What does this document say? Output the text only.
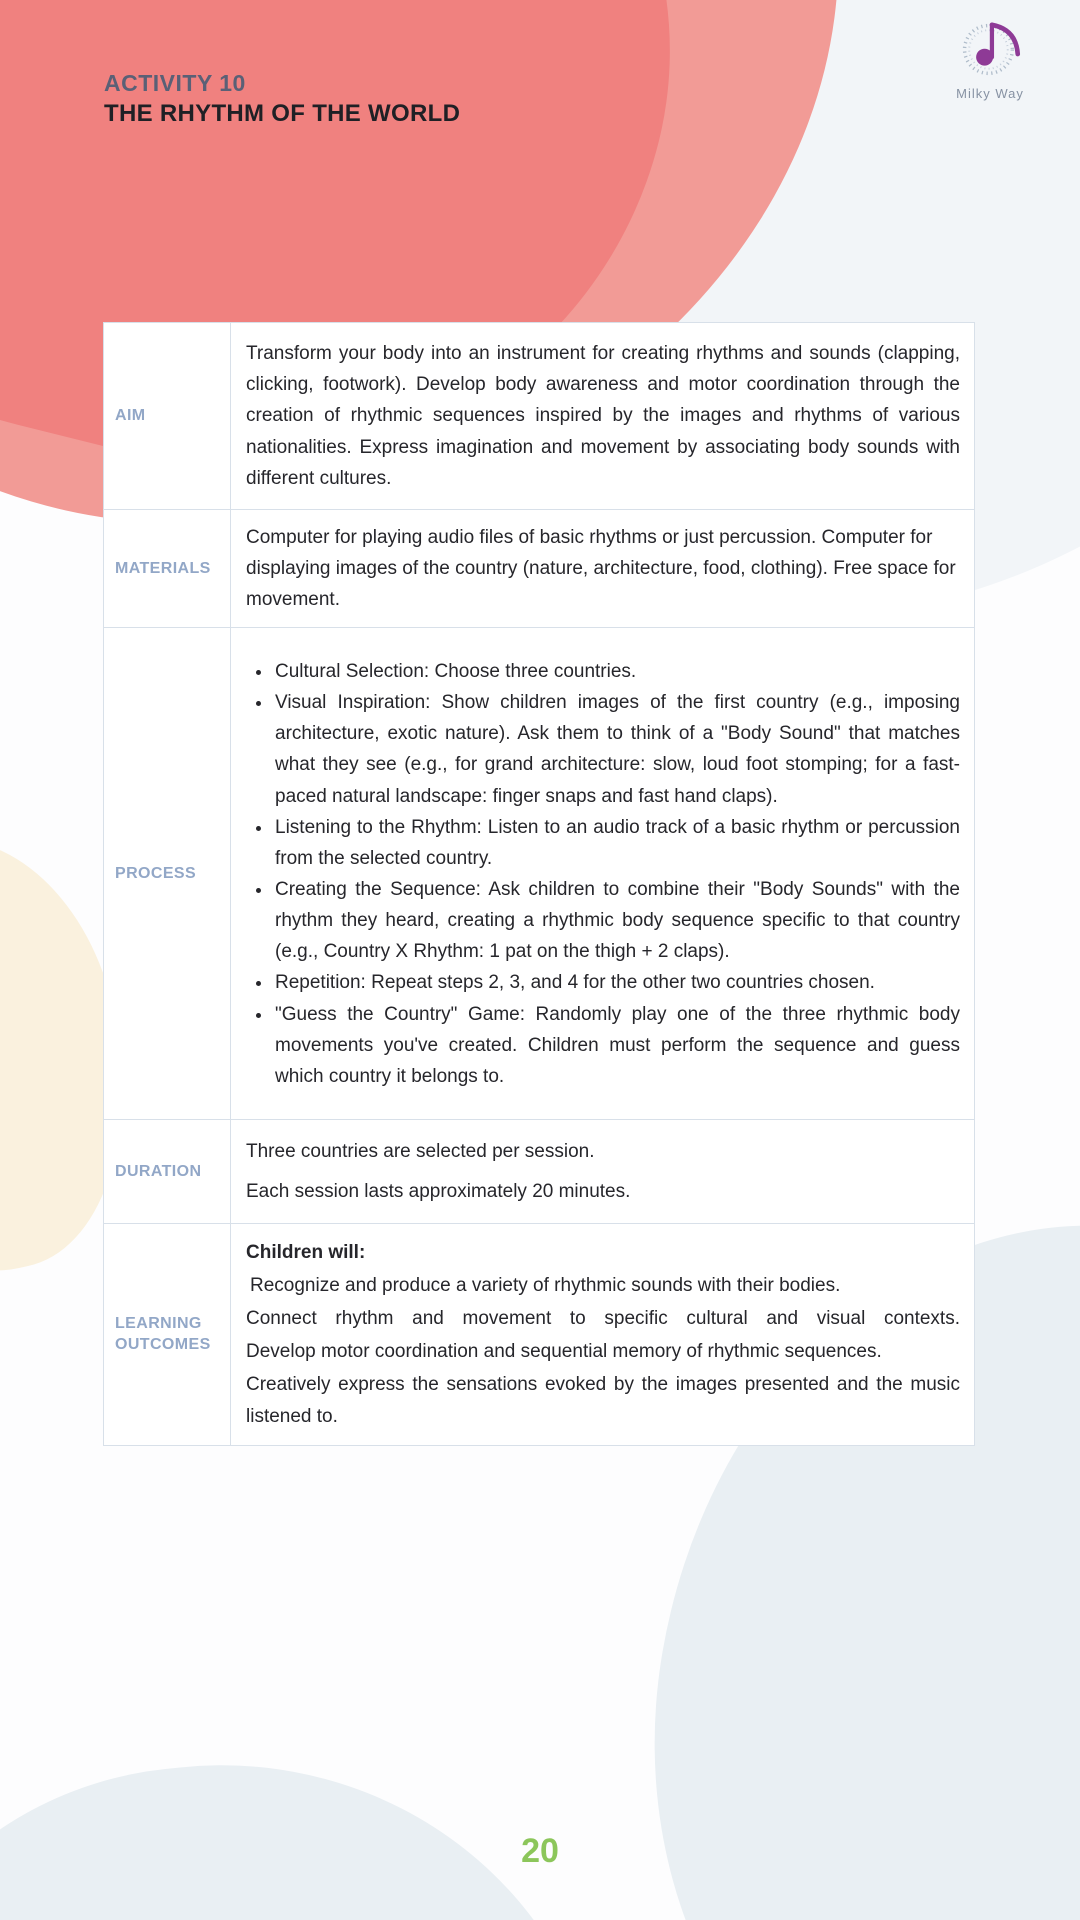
ACTIVITY 10
THE RHYTHM OF THE WORLD
Milky Way
AIM
Transform your body into an instrument for creating rhythms and sounds (clapping, clicking, footwork). Develop body awareness and motor coordination through the creation of rhythmic sequences inspired by the images and rhythms of various nationalities. Express imagination and movement by associating body sounds with different cultures.
MATERIALS
Computer for playing audio files of basic rhythms or just percussion. Computer for displaying images of the country (nature, architecture, food, clothing). Free space for movement.
PROCESS
• Cultural Selection: Choose three countries.
• Visual Inspiration: Show children images of the first country (e.g., imposing architecture, exotic nature). Ask them to think of a "Body Sound" that matches what they see (e.g., for grand architecture: slow, loud foot stomping; for a fast-paced natural landscape: finger snaps and fast hand claps).
• Listening to the Rhythm: Listen to an audio track of a basic rhythm or percussion from the selected country.
• Creating the Sequence: Ask children to combine their "Body Sounds" with the rhythm they heard, creating a rhythmic body sequence specific to that country (e.g., Country X Rhythm: 1 pat on the thigh + 2 claps).
• Repetition: Repeat steps 2, 3, and 4 for the other two countries chosen.
• "Guess the Country" Game: Randomly play one of the three rhythmic body movements you've created. Children must perform the sequence and guess which country it belongs to.
DURATION
Three countries are selected per session.
Each session lasts approximately 20 minutes.
LEARNING OUTCOMES

Children will:

Recognize and produce a variety of rhythmic sounds with their bodies.

Connect rhythm and movement to specific cultural and visual contexts.

Develop motor coordination and sequential memory of rhythmic sequences.

Creatively express the sensations evoked by the images presented and the music listened to.

20
